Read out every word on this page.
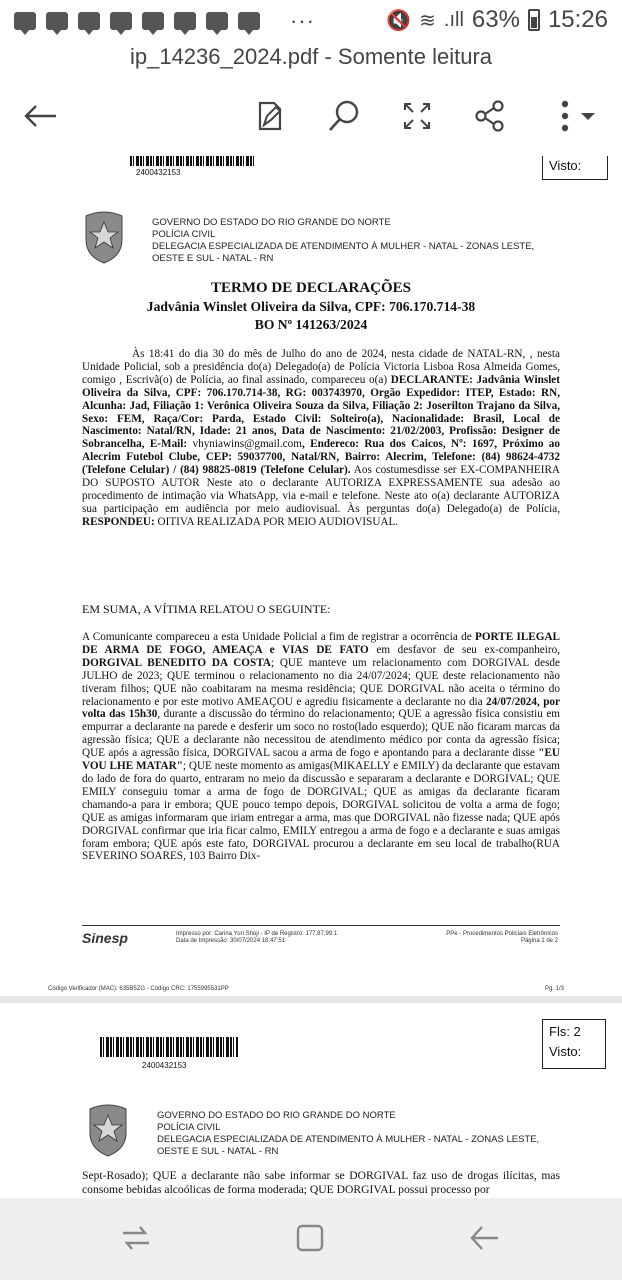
···	🔇 ≋ .ıll 63% 15:26
ip_14236_2024.pdf - Somente leitura
2400432153	Visto:
GOVERNO DO ESTADO DO RIO GRANDE DO NORTE
POLÍCIA CIVIL
DELEGACIA ESPECIALIZADA DE ATENDIMENTO À MULHER - NATAL - ZONAS LESTE,
OESTE E SUL - NATAL - RN
TERMO DE DECLARAÇÕES
Jadvânia Winslet Oliveira da Silva, CPF: 706.170.714-38
BO Nº 141263/2024
Às 18:41 do dia 30 do mês de Julho do ano de 2024, nesta cidade de NATAL-RN, , nesta Unidade Policial, sob a presidência do(a) Delegado(a) de Polícia Victoria Lisboa Rosa Almeida Gomes, comigo , Escrivã(o) de Polícia, ao final assinado, compareceu o(a) DECLARANTE: Jadvânia Winslet Oliveira da Silva, CPF: 706.170.714-38, RG: 003743970, Orgão Expedidor: ITEP, Estado: RN, Alcunha: Jad, Filiação 1: Verônica Oliveira Souza da Silva, Filiação 2: Joserilton Trajano da Silva, Sexo: FEM, Raça/Cor: Parda, Estado Civil: Solteiro(a), Nacionalidade: Brasil, Local de Nascimento: Natal/RN, Idade: 21 anos, Data de Nascimento: 21/02/2003, Profissão: Designer de Sobrancelha, E-Mail: vhyniawins@gmail.com, Endereco: Rua dos Caicos, Nº: 1697, Próximo ao Alecrim Futebol Clube, CEP: 59037700, Natal/RN, Bairro: Alecrim, Telefone: (84) 98624-4732 (Telefone Celular) / (84) 98825-0819 (Telefone Celular). Aos costumesdisse ser EX-COMPANHEIRA DO SUPOSTO AUTOR Neste ato o declarante AUTORIZA EXPRESSAMENTE sua adesão ao procedimento de intimação via WhatsApp, via e-mail e telefone. Neste ato o(a) declarante AUTORIZA sua participação em audiência por meio audiovisual. Às perguntas do(a) Delegado(a) de Polícia, RESPONDEU: OITIVA REALIZADA POR MEIO AUDIOVISUAL.
EM SUMA, A VÍTIMA RELATOU O SEGUINTE:
A Comunicante compareceu a esta Unidade Policial a fim de registrar a ocorrência de PORTE ILEGAL DE ARMA DE FOGO, AMEAÇA e VIAS DE FATO em desfavor de seu ex-companheiro, DORGIVAL BENEDITO DA COSTA; QUE manteve um relacionamento com DORGIVAL desde JULHO de 2023; QUE terminou o relacionamento no dia 24/07/2024; QUE deste relacionamento não tiveram filhos; QUE não coabitaram na mesma residência; QUE DORGIVAL não aceita o término do relacionamento e por este motivo AMEAÇOU e agrediu fisicamente a declarante no dia 24/07/2024, por volta das 15h30, durante a discussão do término do relacionamento; QUE a agressão física consistiu em empurrar a declarante na parede e desferir um soco no rosto(lado esquerdo); QUE não ficaram marcas da agressão física; QUE a declarante não necessitou de atendimento médico por conta da agressão física; QUE após a agressão física, DORGIVAL sacou a arma de fogo e apontando para a declarante disse "EU VOU LHE MATAR"; QUE neste momento as amigas(MIKAELLY e EMILY) da declarante que estavam do lado de fora do quarto, entraram no meio da discussão e separaram a declarante e DORGIVAL; QUE EMILY conseguiu tomar a arma de fogo de DORGIVAL; QUE as amigas da declarante ficaram chamando-a para ir embora; QUE pouco tempo depois, DORGIVAL solicitou de volta a arma de fogo; QUE as amigas informaram que iriam entregar a arma, mas que DORGIVAL não fizesse nada; QUE após DORGIVAL confirmar que iria ficar calmo, EMILY entregou a arma de fogo e a declarante e suas amigas foram embora; QUE após este fato, DORGIVAL procurou a declarante em seu local de trabalho(RUA SEVERINO SOARES, 103 Bairro Dix-
Sinesp	Impresso por: Carina Yuri Shoji - IP de Registro: 177.87.99.1
Data de Impressão: 30/07/2024 18:47:51
PPe - Procedimentos Policiais Eletrônicos
Página 1 de 2
Código Verificador (MAC): 635B5ZG - Código CRC: 1755995531PP	Pg. 1/3
2400432153
Fls: 2
Visto:
GOVERNO DO ESTADO DO RIO GRANDE DO NORTE
POLÍCIA CIVIL
DELEGACIA ESPECIALIZADA DE ATENDIMENTO À MULHER - NATAL - ZONAS LESTE,
OESTE E SUL - NATAL - RN
Sept-Rosado); QUE a declarante não sabe informar se DORGIVAL faz uso de drogas ilícitas, mas consome bebidas alcoólicas de forma moderada; QUE DORGIVAL possui processo por
